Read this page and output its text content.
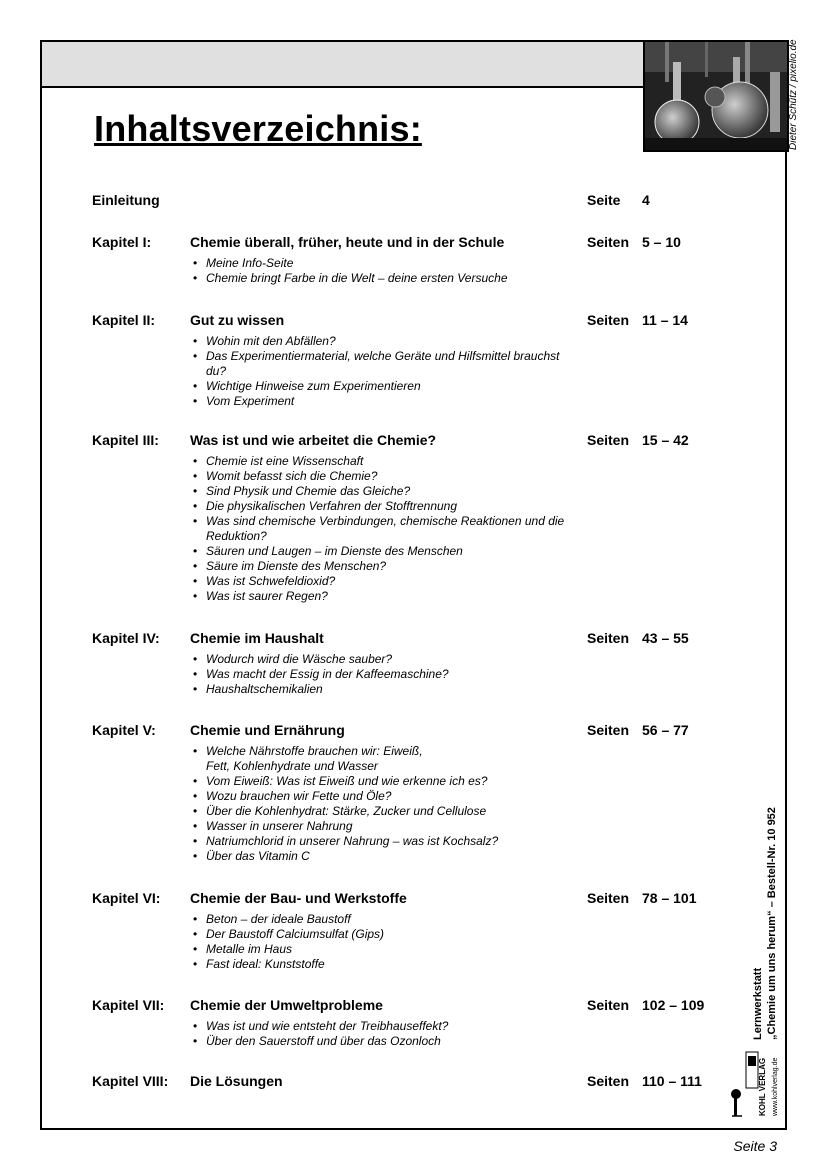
Dieter Schütz / pixelio.de
Inhaltsverzeichnis:
Einleitung	Seite 4
Kapitel I:	Chemie überall, früher, heute und in der Schule	Seiten 5 – 10
• Meine Info-Seite
• Chemie bringt Farbe in die Welt – deine ersten Versuche
Kapitel II: Gut zu wissen	Seiten 11 – 14
• Wohin mit den Abfällen?
• Das Experimentiermaterial, welche Geräte und Hilfsmittel brauchst du?
• Wichtige Hinweise zum Experimentieren
• Vom Experiment
Kapitel III: Was ist und wie arbeitet die Chemie?	Seiten 15 – 42
• Chemie ist eine Wissenschaft
• Womit befasst sich die Chemie?
• Sind Physik und Chemie das Gleiche?
• Die physikalischen Verfahren der Stofftrennung
• Was sind chemische Verbindungen, chemische Reaktionen und die Reduktion?
• Säuren und Laugen – im Dienste des Menschen
• Säure im Dienste des Menschen?
• Was ist Schwefeldioxid?
• Was ist saurer Regen?
Kapitel IV: Chemie im Haushalt	Seiten 43 – 55
• Wodurch wird die Wäsche sauber?
• Was macht der Essig in der Kaffeemaschine?
• Haushaltschemikalien
Kapitel V: Chemie und Ernährung	Seiten 56 – 77
• Welche Nährstoffe brauchen wir: Eiweiß, Fett, Kohlenhydrate und Wasser
• Vom Eiweiß: Was ist Eiweiß und wie erkenne ich es?
• Wozu brauchen wir Fette und Öle?
• Über die Kohlenhydrat: Stärke, Zucker und Cellulose
• Wasser in unserer Nahrung
• Natriumchlorid in unserer Nahrung – was ist Kochsalz?
• Über das Vitamin C
Kapitel VI: Chemie der Bau- und Werkstoffe	Seiten 78 – 101
• Beton – der ideale Baustoff
• Der Baustoff Calciumsulfat (Gips)
• Metalle im Haus
• Fast ideal: Kunststoffe
Kapitel VII: Chemie der Umweltprobleme	Seiten 102 – 109
• Was ist und wie entsteht der Treibhauseffekt?
• Über den Sauerstoff und über das Ozonloch
Kapitel VIII: Die Lösungen	Seiten 110 – 111
Lernwerkstatt „Chemie um uns herum“ – Bestell-Nr. 10 952
www.kohlverlag.de
KOHL VERLAG
Seite 3
